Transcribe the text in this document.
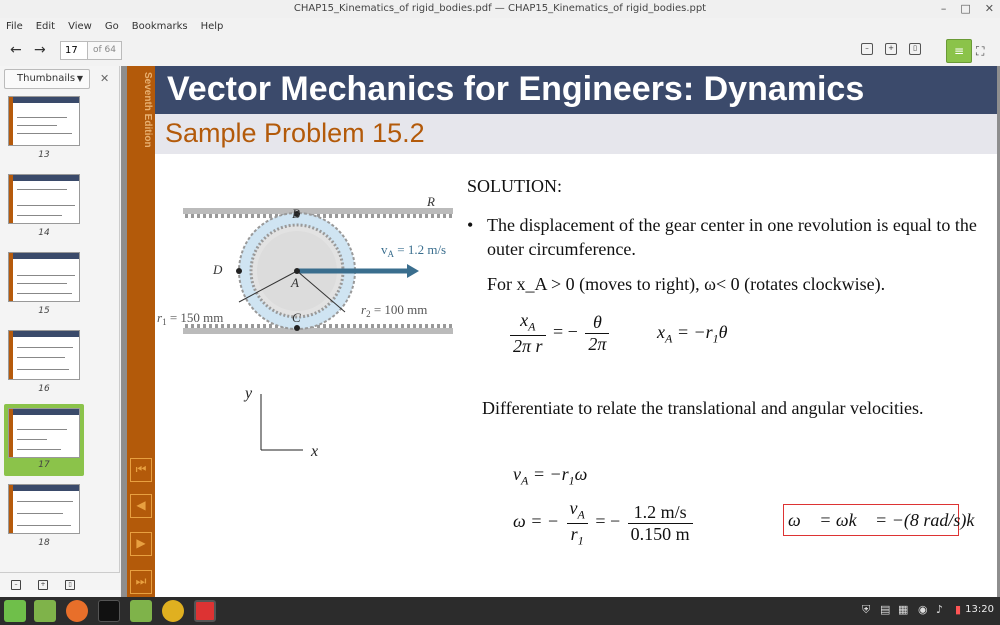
CHAP15_Kinematics_of rigid_bodies.pdf — CHAP15_Kinematics_of rigid_bodies.ppt	– □ ✕
File Edit View Go Bookmarks Help
← →
17	of 64	–	+	▯	≡ ⛶
Thumbnails ▼ ✕
13
14
15
16
17
18
–	+	▯
Seventh Edition
⏮
◀
▶
⏭
Vector Mechanics for Engineers: Dynamics
Sample Problem 15.2
R
B
D
A
C
$v_A = 1.2$ m/s
$r_1 = 150$ mm
$r_2 = 100$ mm
y
x
SOLUTION:
• The displacement of the gear center in one revolution is equal to the outer circumference.
For x_A > 0 (moves to right), ω< 0 (rotates clockwise).
$\frac{x_A}{\text{2π r}}$ = − $\frac{\theta}{2\pi}$	$x_A = -r_1\theta$
Differentiate to relate the translational and angular velocities.
$v_A = -r_1\omega$
ω = − $\frac{v_A}{r_1}$ = − $\frac{1.2 m/s}{0.150 m}$	ω⃗ = ωk⃗ = −(8 rad/s)k⃗
⛨ ▤ ▦ ◉ ♪ ▮ 13:20
